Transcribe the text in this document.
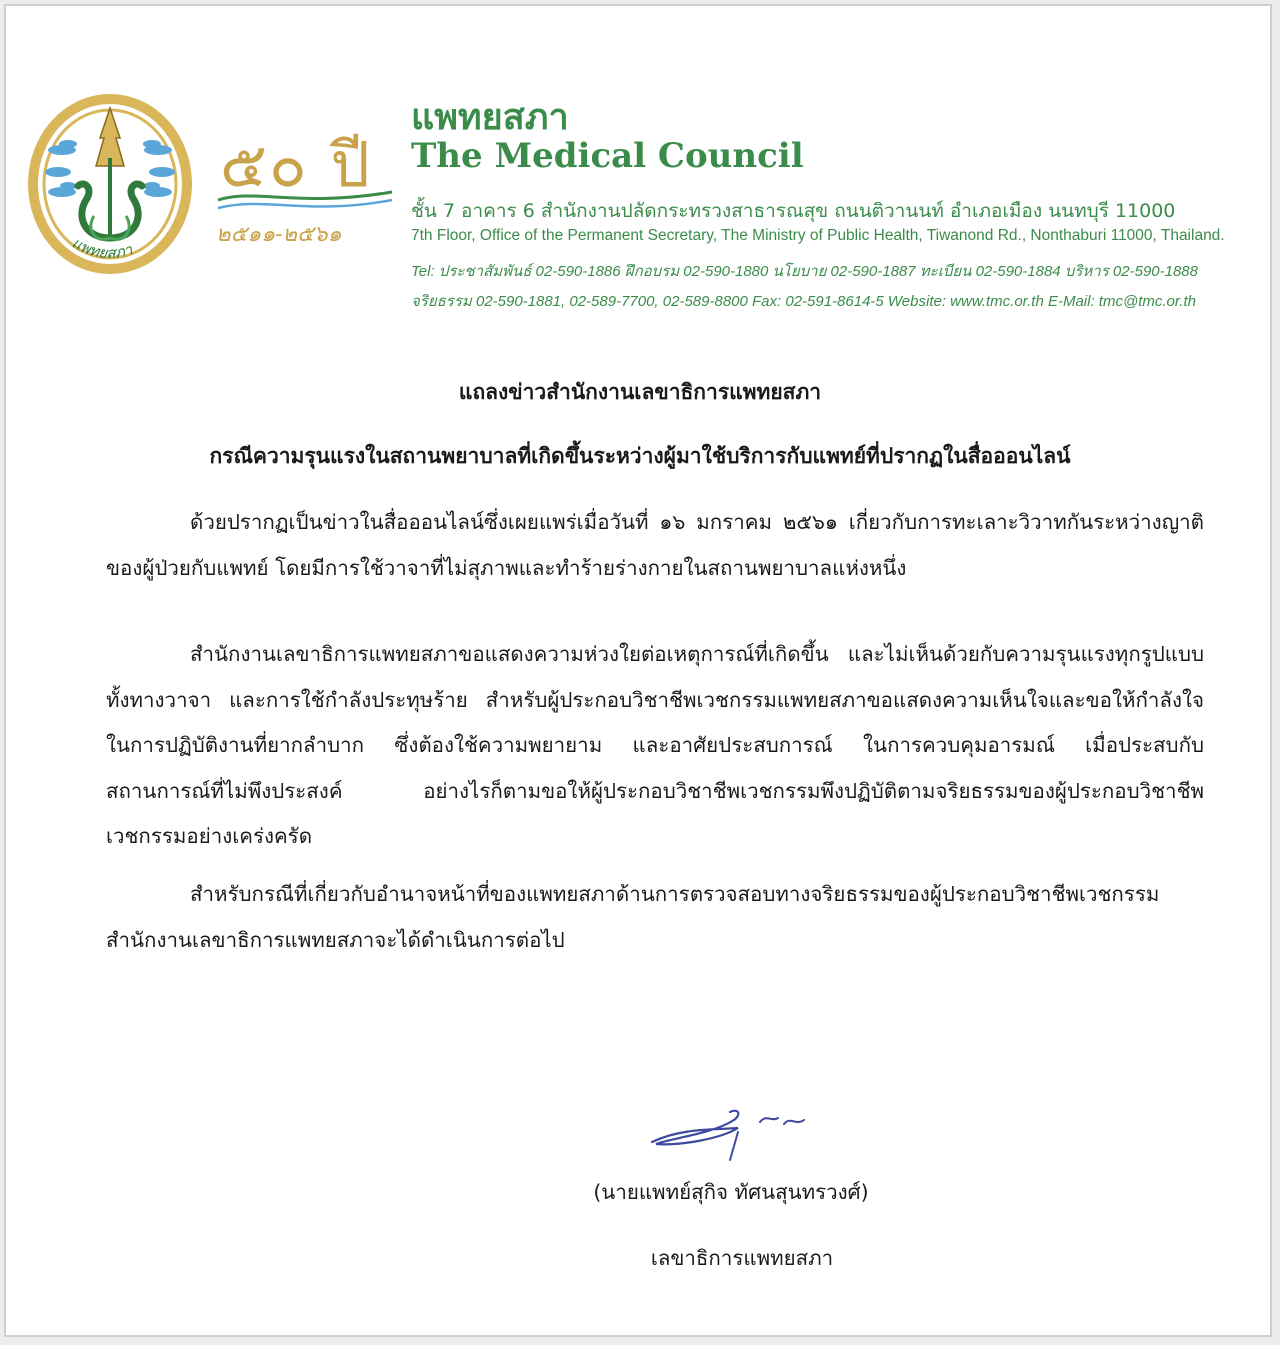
แพทยสภา
๕๐ ปี
๒๕๑๑-๒๕๖๑
แพทยสภา
The Medical Council
ชั้น 7 อาคาร 6 สำนักงานปลัดกระทรวงสาธารณสุข ถนนติวานนท์ อำเภอเมือง นนทบุรี 11000
7th Floor, Office of the Permanent Secretary, The Ministry of Public Health, Tiwanond Rd., Nonthaburi 11000, Thailand.
Tel: ประชาสัมพันธ์ 02-590-1886 ฝึกอบรม 02-590-1880 นโยบาย 02-590-1887 ทะเบียน 02-590-1884 บริหาร 02-590-1888
จริยธรรม 02-590-1881, 02-589-7700, 02-589-8800 Fax: 02-591-8614-5 Website: www.tmc.or.th E-Mail: tmc@tmc.or.th
แถลงข่าวสำนักงานเลขาธิการแพทยสภา
กรณีความรุนแรงในสถานพยาบาลที่เกิดขึ้นระหว่างผู้มาใช้บริการกับแพทย์ที่ปรากฏในสื่อออนไลน์

ด้วยปรากฏเป็นข่าวในสื่อออนไลน์ซึ่งเผยแพร่เมื่อวันที่ ๑๖ มกราคม ๒๕๖๑ เกี่ยวกับการทะเลาะวิวาทกันระหว่างญาติของผู้ป่วยกับแพทย์ โดยมีการใช้วาจาที่ไม่สุภาพและทำร้ายร่างกายในสถานพยาบาลแห่งหนึ่ง

สำนักงานเลขาธิการแพทยสภาขอแสดงความห่วงใยต่อเหตุการณ์ที่เกิดขึ้น และไม่เห็นด้วยกับความรุนแรงทุกรูปแบบ ทั้งทางวาจา และการใช้กำลังประทุษร้าย สำหรับผู้ประกอบวิชาชีพเวชกรรมแพทยสภาขอแสดงความเห็นใจและขอให้กำลังใจ ในการปฏิบัติงานที่ยากลำบาก ซึ่งต้องใช้ความพยายาม และอาศัยประสบการณ์ ในการควบคุมอารมณ์ เมื่อประสบกับสถานการณ์ที่ไม่พึงประสงค์ อย่างไรก็ตามขอให้ผู้ประกอบวิชาชีพเวชกรรมพึงปฏิบัติตามจริยธรรมของผู้ประกอบวิชาชีพเวชกรรมอย่างเคร่งครัด

สำหรับกรณีที่เกี่ยวกับอำนาจหน้าที่ของแพทยสภาด้านการตรวจสอบทางจริยธรรมของผู้ประกอบวิชาชีพเวชกรรม สำนักงานเลขาธิการแพทยสภาจะได้ดำเนินการต่อไป

(นายแพทย์สุกิจ ทัศนสุนทรวงศ์)
เลขาธิการแพทยสภา
